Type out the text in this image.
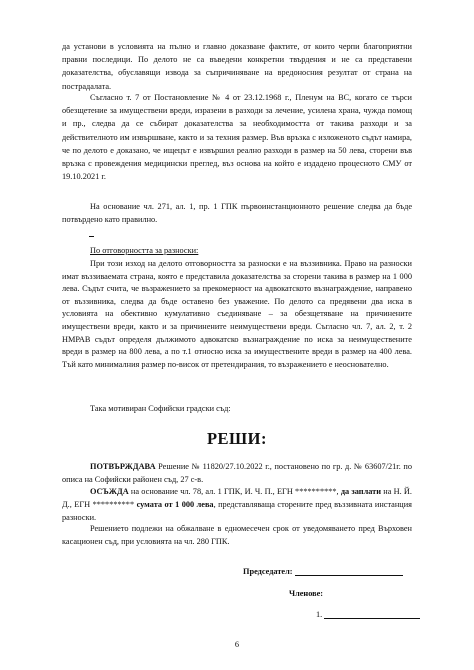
да установи в условията на пълно и главно доказване фактите, от които черпи благоприятни правни последици. По делото не са въведени конкретни твърдения и не са представени доказателства, обуславящи извода за съпричиняване на вредоносния резултат от страна на пострадалата.

Съгласно т. 7 от Постановление № 4 от 23.12.1968 г., Пленум на ВС, когато се търси обезщетение за имуществени вреди, изразени в разходи за лечение, усилена храна, чужда помощ и пр., следва да се събират доказателства за необходимостта от такива разходи и за действителното им извършване, както и за техния размер. Във връзка с изложеното съдът намира, че по делото е доказано, че ищецът е извършил реално разходи в размер на 50 лева, сторени във връзка с провеждения медицински преглед, въз основа на който е издадено процесното СМУ от 19.10.2021 г.

На основание чл. 271, ал. 1, пр. 1 ГПК първоинстанционното решение следва да бъде потвърдено като правилно.

По отговорността за разноски:

При този изход на делото отговорността за разноски е на въззивника. Право на разноски имат въззиваемата страна, която е представила доказателства за сторени такива в размер на 1 000 лева. Съдът счита, че възражението за прекомерност на адвокатското възнаграждение, направено от въззивника, следва да бъде оставено без уважение. По делото са предявени два иска в условията на обективно кумулативно съединяване – за обезщетяване на причинените имуществени вреди, както и за причинените неимуществени вреди. Съгласно чл. 7, ал. 2, т. 2 НМРАВ съдът определя дължимото адвокатско възнаграждение по иска за неимуществените вреди в размер на 800 лева, а по т.1 относно иска за имуществените вреди в размер на 400 лева. Тъй като минималния размер по-висок от претендирания, то възражението е неоснователно.

Така мотивиран Софийски градски съд:

РЕШИ:

ПОТВЪРЖДАВА Решение № 11820/27.10.2022 г., постановено по гр. д. № 63607/21г. по описа на Софийски районен съд, 27 с-в.

ОСЪЖДА на основание чл. 78, ал. 1 ГПК, И. Ч. П., ЕГН **********, да заплати на Н. Й. Д., ЕГН ********** сумата от 1 000 лева, представляваща сторените пред въззивната инстанция разноски.

Решението подлежи на обжалване в едномесечен срок от уведомяването пред Върховен касационен съд, при условията на чл. 280 ГПК.

Председател:
Членове:
1.
6
